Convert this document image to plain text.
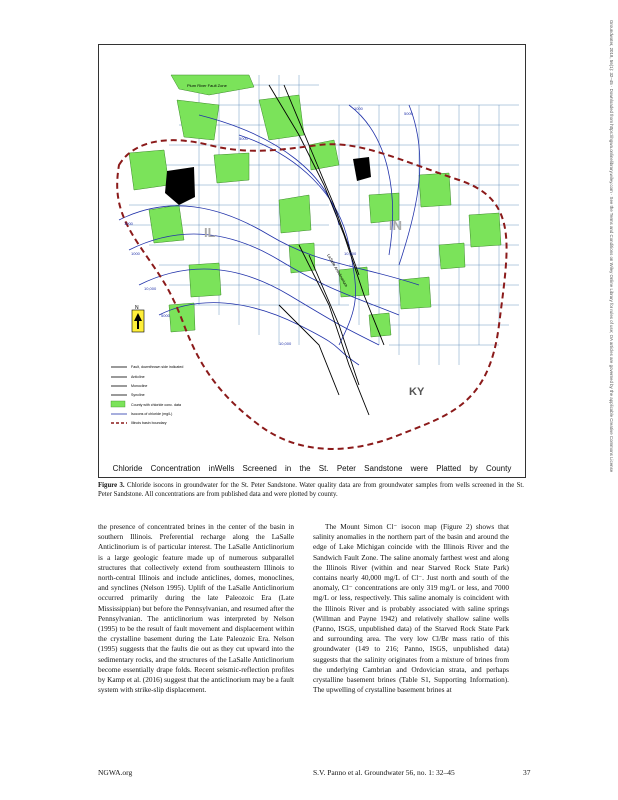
IL	IN
KY
Plum River Fault Zone
LaSalle Anticlinorium
1000
1000
10,000
5000
5000
10,000
1000
5000
10,000
N
Fault, downthrown side indicated
Anticline
Monocline
Syncline
County with chloride conc. data
Isocons of chloride (mg/L)
Illinois basin boundary
Chloride Concentration inWells Screened in the St. Peter Sandstone were Platted by County
Figure 3. Chloride isocons in groundwater for the St. Peter Sandstone. Water quality data are from groundwater samples from wells screened in the St. Peter Sandstone. All concentrations are from published data and were plotted by county.
the presence of concentrated brines in the center of the basin in southern Illinois. Preferential recharge along the LaSalle Anticlinorium is of particular interest. The LaSalle Anticlinorium is a large geologic feature made up of numerous subparallel structures that collectively extend from southeastern Illinois to north-central Illinois and include anticlines, domes, monoclines, and synclines (Nelson 1995). Uplift of the LaSalle Anticlinorium occurred primarily during the late Paleozoic Era (Late Mississippian) but before the Pennsylvanian, and resumed after the Pennsylvanian. The anticlinorium was interpreted by Nelson (1995) to be the result of fault movement and displacement within the crystalline basement during the Late Paleozoic Era. Nelson (1995) suggests that the faults die out as they cut upward into the sedimentary rocks, and the structures of the LaSalle Anticlinorium become essentially drape folds. Recent seismic-reflection profiles by Kamp et al. (2016) suggest that the anticlinorium may be a fault system with strike-slip displacement.
The Mount Simon Cl⁻ isocon map (Figure 2) shows that salinity anomalies in the northern part of the basin and around the edge of Lake Michigan coincide with the Illinois River and the Sandwich Fault Zone. The saline anomaly farthest west and along the Illinois River (within and near Starved Rock State Park) contains nearly 40,000 mg/L of Cl⁻. Just north and south of the anomaly, Cl⁻ concentrations are only 319 mg/L or less, and 7000 mg/L or less, respectively. This saline anomaly is coincident with the Illinois River and is probably associated with saline springs (Willman and Payne 1942) and relatively shallow saline wells (Panno, ISGS, unpublished data) of the Starved Rock State Park and surrounding area. The very low Cl/Br mass ratio of this groundwater (149 to 216; Panno, ISGS, unpublished data) suggests that the salinity originates from a mixture of brines from the underlying Cambrian and Ordovician strata, and perhaps crystalline basement brines (Table S1, Supporting Information). The upwelling of crystalline basement brines at
NGWA.org	S.V. Panno et al. Groundwater 56, no. 1: 32–45	37
Groundwater, 2018, 56(1): 32–45 · Downloaded from https://ngwa.onlinelibrary.wiley.com · See the Terms and Conditions on Wiley Online Library for rules of use; OA articles are governed by the applicable Creative Commons License
